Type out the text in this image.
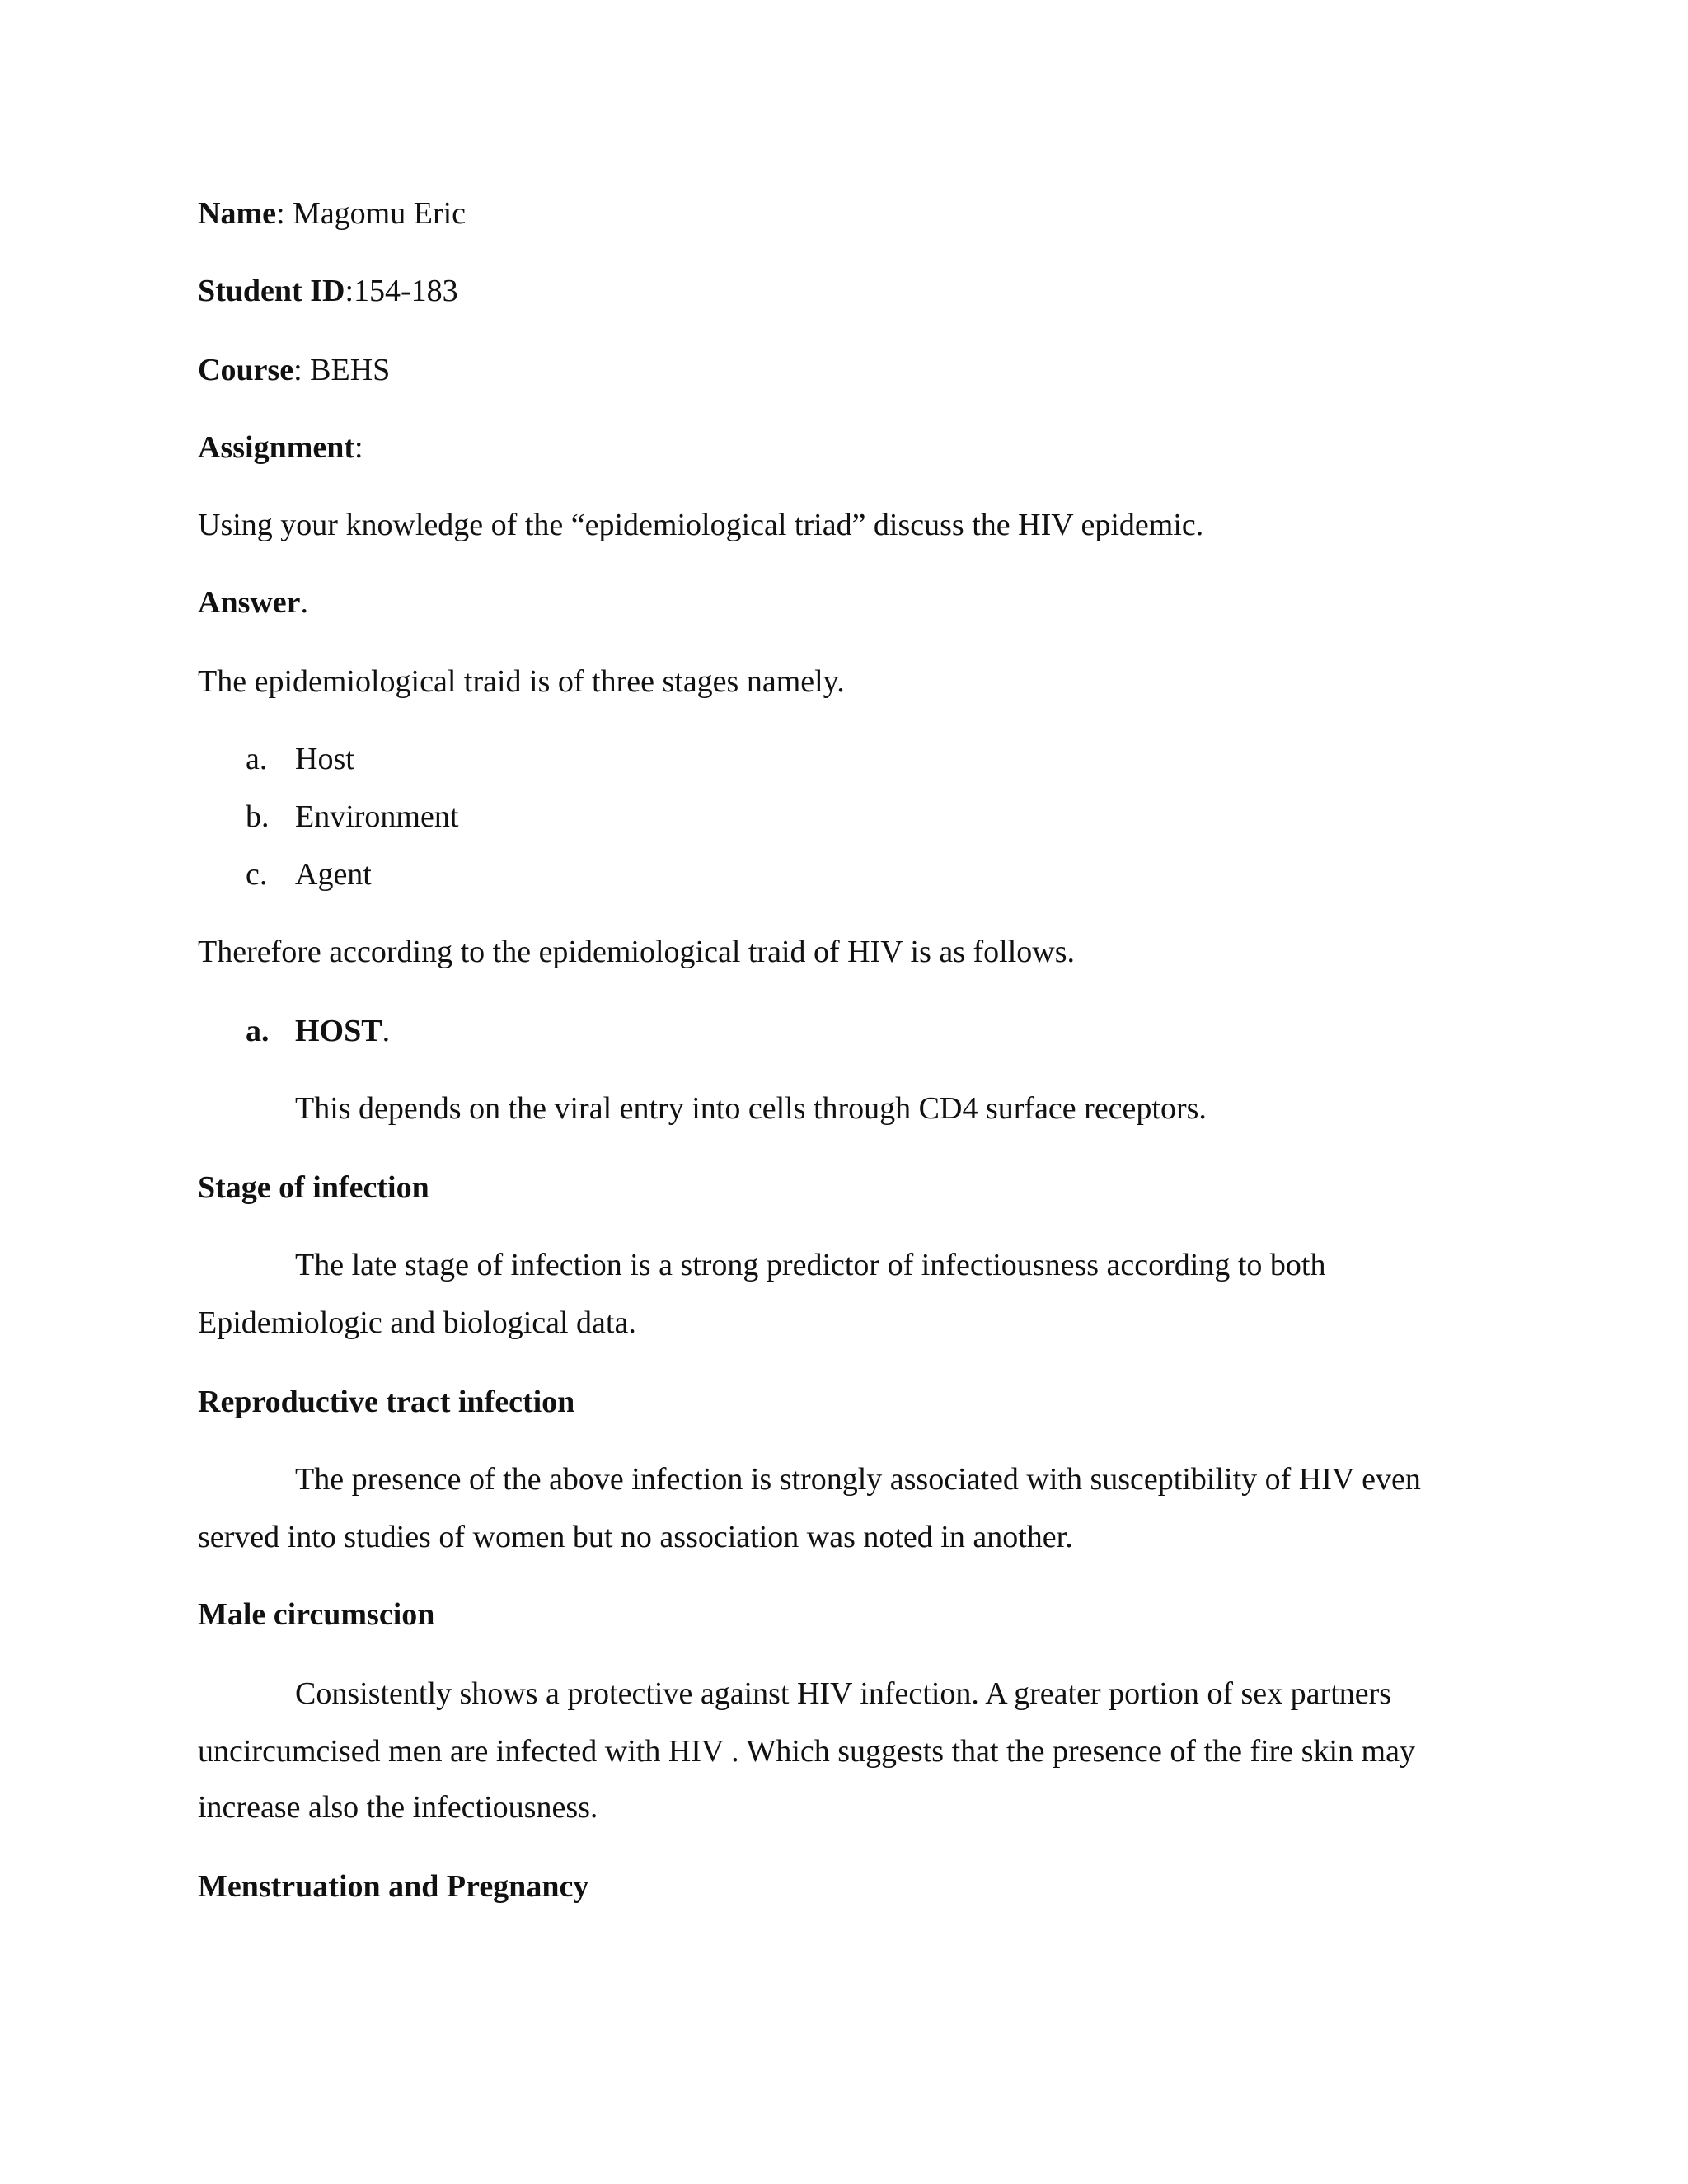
Name: Magomu Eric
Student ID:154-183
Course: BEHS
Assignment:
Using your knowledge of the “epidemiological triad” discuss the HIV epidemic.
Answer.
The epidemiological traid is of three stages namely.
a. Host
b. Environment
c. Agent
Therefore according to the epidemiological traid of HIV is as follows.
a. HOST.
This depends on the viral entry into cells through CD4 surface receptors.
Stage of infection
The late stage of infection is a strong predictor of infectiousness according to both
Epidemiologic and biological data.
Reproductive tract infection
The presence of the above infection is strongly associated with susceptibility of HIV even
served into studies of women but no association was noted in another.
Male circumscion
Consistently shows a protective against HIV infection. A greater portion of sex partners
uncircumcised men are infected with HIV . Which suggests that the presence of the fire skin may
increase also the infectiousness.
Menstruation and Pregnancy
